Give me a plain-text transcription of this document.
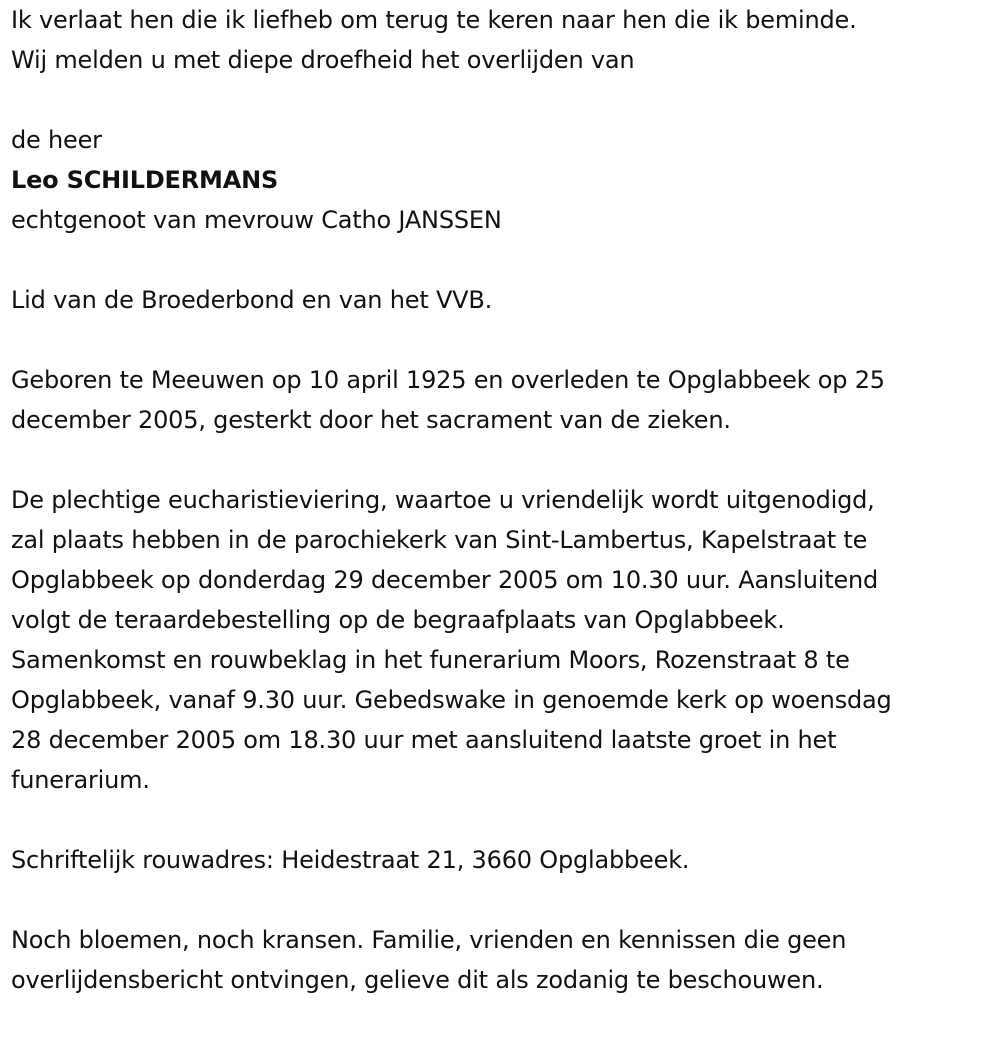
Ik verlaat hen die ik liefheb om terug te keren naar hen die ik beminde.

Wij melden u met diepe droefheid het overlijden van

de heer

Leo SCHILDERMANS

echtgenoot van mevrouw Catho JANSSEN

Lid van de Broederbond en van het VVB.

Geboren te Meeuwen op 10 april 1925 en overleden te Opglabbeek op 25
december 2005, gesterkt door het sacrament van de zieken.

De plechtige eucharistieviering, waartoe u vriendelijk wordt uitgenodigd,
zal plaats hebben in de parochiekerk van Sint-Lambertus, Kapelstraat te
Opglabbeek op donderdag 29 december 2005 om 10.30 uur. Aansluitend
volgt de teraardebestelling op de begraafplaats van Opglabbeek.
Samenkomst en rouwbeklag in het funerarium Moors, Rozenstraat 8 te
Opglabbeek, vanaf 9.30 uur. Gebedswake in genoemde kerk op woensdag
28 december 2005 om 18.30 uur met aansluitend laatste groet in het
funerarium.

Schriftelijk rouwadres: Heidestraat 21, 3660 Opglabbeek.

Noch bloemen, noch kransen. Familie, vrienden en kennissen die geen
overlijdensbericht ontvingen, gelieve dit als zodanig te beschouwen.
